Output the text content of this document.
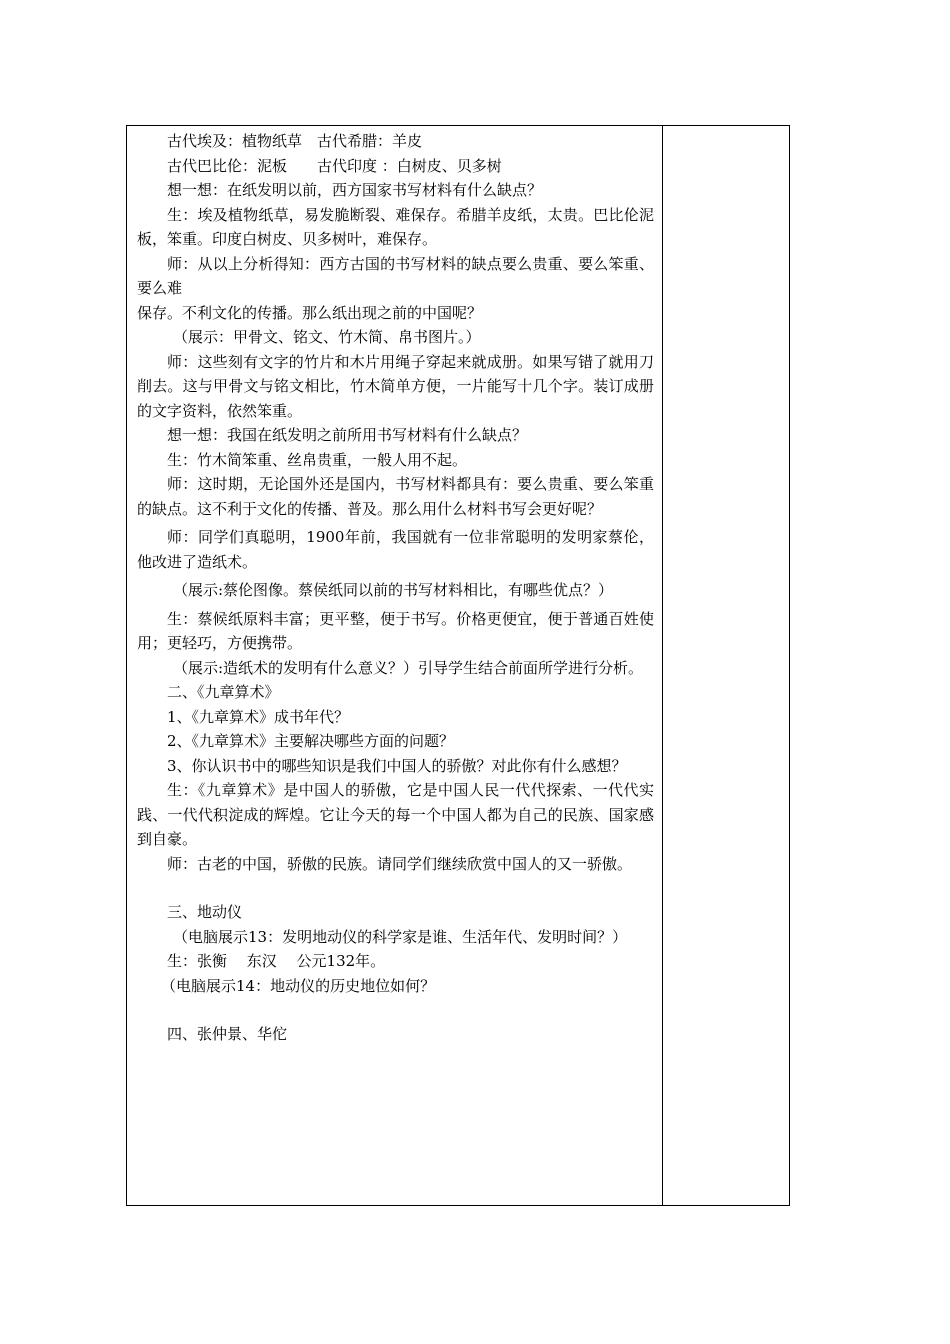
古代埃及：植物纸草　古代希腊：羊皮

古代巴比伦：泥板　　古代印度 ：白树皮、贝多树

想一想：在纸发明以前，西方国家书写材料有什么缺点？

生：埃及植物纸草，易发脆断裂、难保存。希腊羊皮纸，太贵。巴比伦泥板，笨重。印度白树皮、贝多树叶，难保存。

师：从以上分析得知：西方古国的书写材料的缺点要么贵重、要么笨重、要么难

保存。不利文化的传播。那么纸出现之前的中国呢？

（展示：甲骨文、铭文、竹木简、帛书图片。）

师：这些刻有文字的竹片和木片用绳子穿起来就成册。如果写错了就用刀削去。这与甲骨文与铭文相比，竹木简单方便，一片能写十几个字。装订成册的文字资料，依然笨重。

想一想：我国在纸发明之前所用书写材料有什么缺点？

生：竹木简笨重、丝帛贵重，一般人用不起。

师：这时期，无论国外还是国内，书写材料都具有：要么贵重、要么笨重的缺点。这不利于文化的传播、普及。那么用什么材料书写会更好呢？

师：同学们真聪明，1900年前，我国就有一位非常聪明的发明家蔡伦，他改进了造纸术。

（展示:蔡伦图像。蔡侯纸同以前的书写材料相比，有哪些优点？）

生：蔡候纸原料丰富；更平整，便于书写。价格更便宜，便于普通百姓使用；更轻巧，方便携带。

（展示:造纸术的发明有什么意义？）引导学生结合前面所学进行分析。

二、《九章算术》

1、《九章算术》成书年代？

2、《九章算术》主要解决哪些方面的问题？

3、你认识书中的哪些知识是我们中国人的骄傲？对此你有什么感想？

生：《九章算术》是中国人的骄傲，它是中国人民一代代探索、一代代实践、一代代积淀成的辉煌。它让今天的每一个中国人都为自己的民族、国家感到自豪。

师：古老的中国，骄傲的民族。请同学们继续欣赏中国人的又一骄傲。

三、地动仪

（电脑展示13：发明地动仪的科学家是谁、生活年代、发明时间？）

生：张衡　 东汉　 公元132年。

（电脑展示14：地动仪的历史地位如何？

四、张仲景、华佗
